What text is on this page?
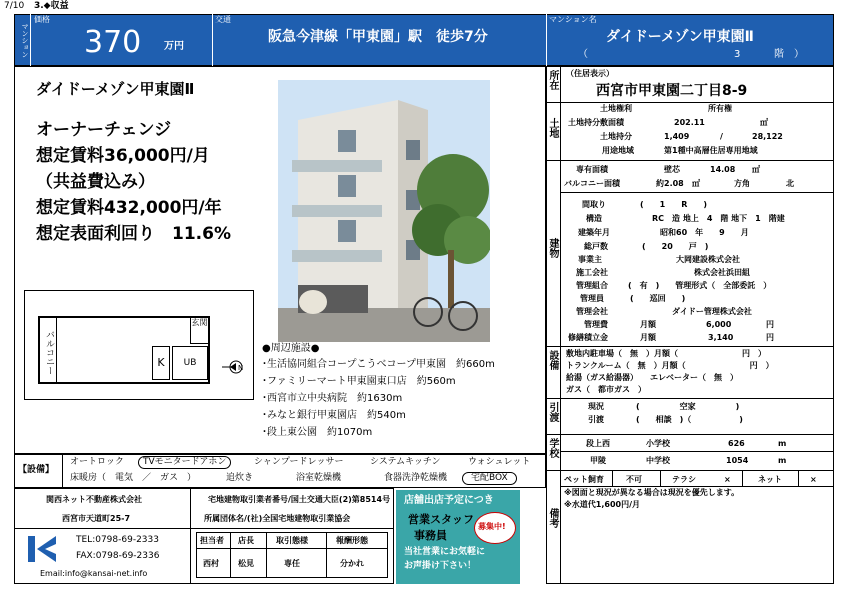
7/10 3.◆収益
マンション
価格
370 万円
交通
阪急今津線「甲東園」駅　徒歩7分
マンション名
ダイドーメゾン甲東園Ⅱ
（	3	階　）
ダイドーメゾン甲東園Ⅱ
オーナーチェンジ
想定賃料36,000円/月
（共益費込み）
想定賃料432,000円/年
想定表面利回り　11.6%
バルコニー
玄関
K	UB	N
●周辺施設●
･生活協同組合コープこうべコープ甲東園　約660m
･ファミリーマート甲東園東口店　約560m
･西宮市立中央病院　約1630m
･みなと銀行甲東園店　約540m
･段上東公園　約1070m
【設備】
オートロック	TVモニタードアホン	シャンプードレッサー	システムキッチン	ウォシュレット
床暖房（　電気　／　ガス　）	追炊き	浴室乾燥機	食器洗浄乾燥機	宅配BOX
関西ネット不動産株式会社
西宮市天道町25-7
宅地建物取引業者番号/国土交通大臣(2)第8514号
所属団体名/(社)全国宅地建物取引業協会
TEL:0798-69-2333
FAX:0798-69-2336
Email:info@kansai-net.info
担当者 店長	取引態様	報酬形態
西村 松見	専任	分かれ
店舗出店予定につき
営業スタッフ
事務員
募集中!
当社営業にお気軽に
お声掛け下さい！
所在 （住居表示）
西宮市甲東園二丁目8-9
土地
土地権利	所有権
土地持分敷面積	202.11	㎡
土地持分	1,409	/	28,122
用途地域	第1種中高層住居専用地域
建物
専有面積	壁芯	14.08 ㎡
バルコニー面積	約2.08 ㎡	方角	北
間取り	(　　1　　R　　)
構造	RC　造 地上　4　階 地下　1　階建
建築年月	昭和60　年　　9　　月
総戸数	(　　20　　戸　)
事業主	大岡建設株式会社
施工会社	株式会社浜田組
管理組合	(　有　)　　管理形式（　全部委託　）
管理員	(　　巡回　　)
管理会社	ダイドー管理株式会社
管理費	月額	6,000	円
修繕積立金	月額	3,140	円
設備 敷地内駐車場（　無　）月額（　　　　　　　　円　）
トランクルーム（　無　）月額（　　　　　　　　円　）
給湯（ガス給湯器）　　エレベーター（　無　）
ガス（　都市ガス　）
引渡	現況	(　　　　　空家　　　　　)
引渡	(　　相談　)（　　　　　　)
学校	段上西	小学校	626	m
甲陵	中学校	1054	m
備考
ペット飼育	不可	テラシ	×	ネット	×
※図面と現況が異なる場合は現況を優先します。
※水道代1,600円/月
